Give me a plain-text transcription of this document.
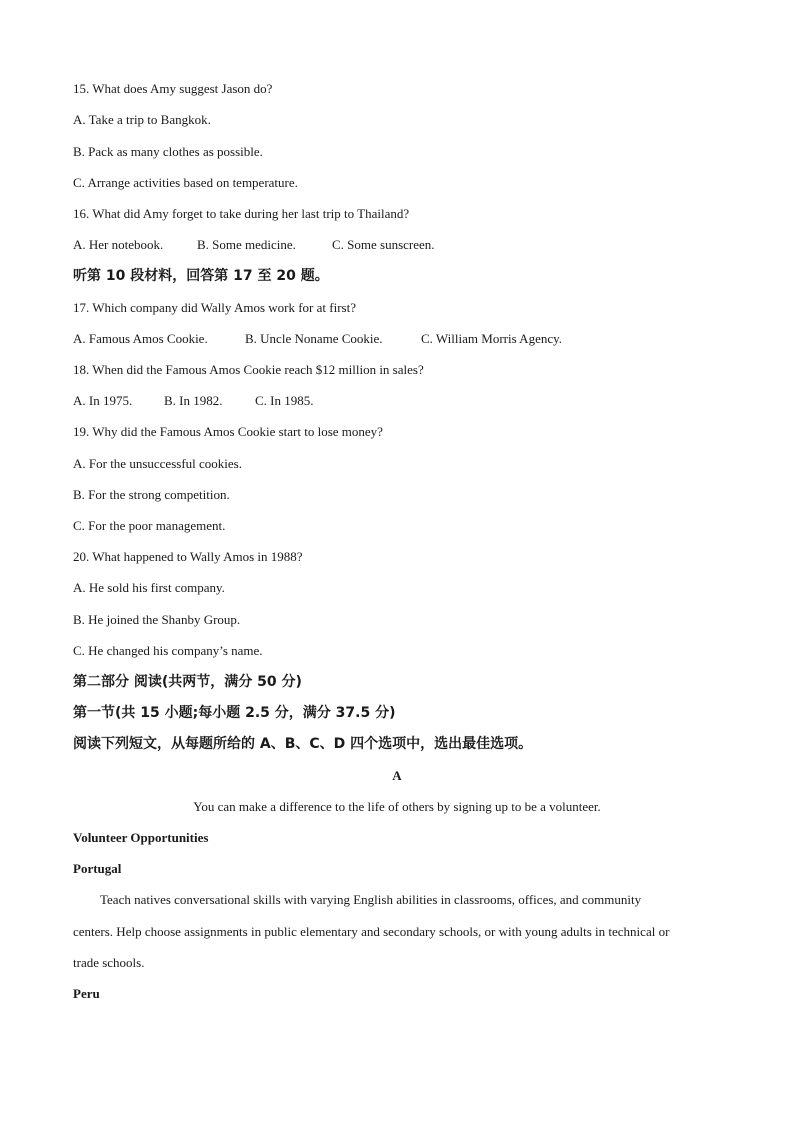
15. What does Amy suggest Jason do?
A. Take a trip to Bangkok.
B. Pack as many clothes as possible.
C. Arrange activities based on temperature.
16. What did Amy forget to take during her last trip to Thailand?
A. Her notebook.	B. Some medicine.	C. Some sunscreen.
听第 10 段材料，回答第 17 至 20 题。
17. Which company did Wally Amos work for at first?
A. Famous Amos Cookie.	B. Uncle Noname Cookie.	C. William Morris Agency.
18. When did the Famous Amos Cookie reach $12 million in sales?
A. In 1975. B. In 1982.	C. In 1985.
19. Why did the Famous Amos Cookie start to lose money?
A. For the unsuccessful cookies.
B. For the strong competition.
C. For the poor management.
20. What happened to Wally Amos in 1988?
A. He sold his first company.
B. He joined the Shanby Group.
C. He changed his company’s name.
第二部分 阅读(共两节，满分 50 分)
第一节(共 15 小题;每小题 2.5 分，满分 37.5 分)
阅读下列短文，从每题所给的 A、B、C、D 四个选项中，选出最佳选项。
A
You can make a difference to the life of others by signing up to be a volunteer.
Volunteer Opportunities
Portugal
Teach natives conversational skills with varying English abilities in classrooms, offices, and community
centers. Help choose assignments in public elementary and secondary schools, or with young adults in technical or
trade schools.
Peru
